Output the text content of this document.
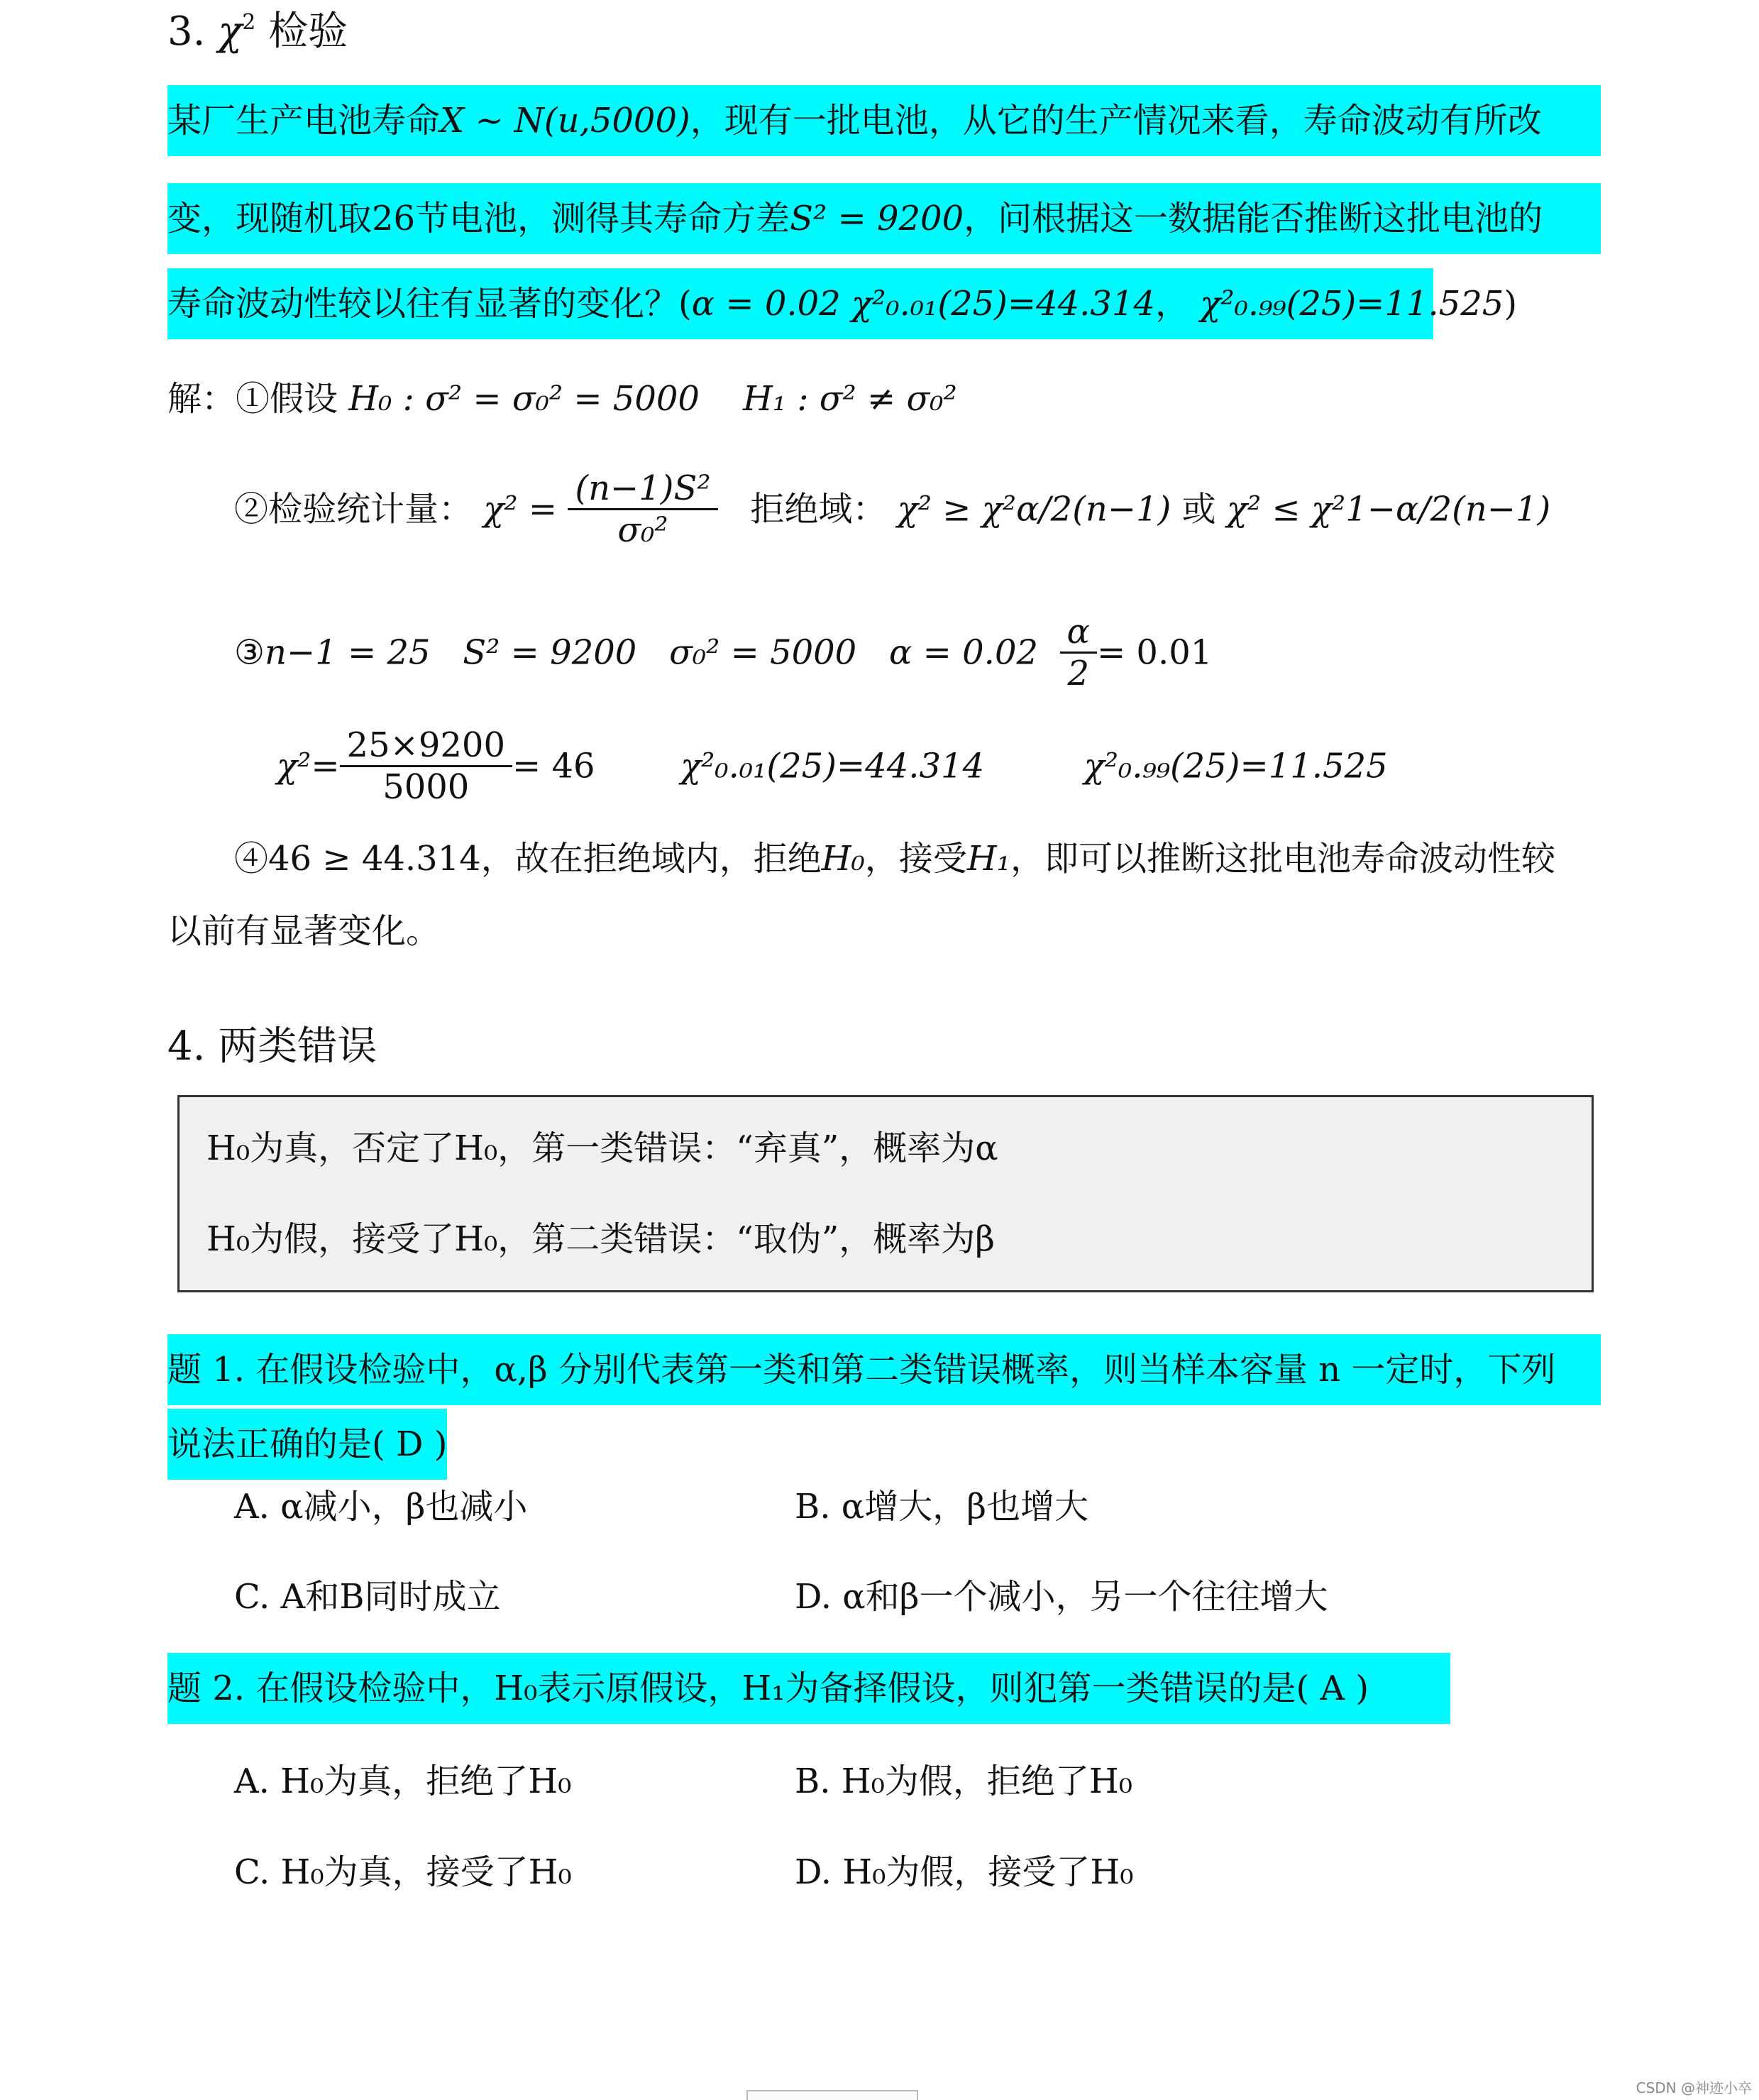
3. $\chi^2$ 检验
某厂生产电池寿命X ~ N(u,5000)，现有一批电池，从它的生产情况来看，寿命波动有所改
变，现随机取26节电池，测得其寿命方差S² = 9200，问根据这一数据能否推断这批电池的
寿命波动性较以往有显著的变化？(α = 0.02 χ²₀.₀₁(25)=44.314， χ²₀.₉₉(25)=11.525)
解：①假设 H₀ : σ² = σ₀² = 5000 H₁ : σ² ≠ σ₀²
②检验统计量： $\chi^2 = \frac{\text{(n−1)S²}}{\text{σ₀²}}$ 拒绝域： χ² ≥ χ²α/2(n−1) 或 χ² ≤ χ²1−α/2(n−1)
③n−1 = 25   S² = 9200   σ₀² = 5000   $\alpha = 0.02 \frac{\alpha}{2} = 0.01$
$\chi^2= \frac{25\times 9200}{5000} = 46$	χ²₀.₀₁(25)=44.314	χ²₀.₉₉(25)=11.525
④46 ≥ 44.314，故在拒绝域内，拒绝H₀，接受H₁，即可以推断这批电池寿命波动性较
以前有显著变化。
4. 两类错误
H₀为真，否定了H₀，第一类错误：“弃真”，概率为α
H₀为假，接受了H₀，第二类错误：“取伪”，概率为β
题 1. 在假设检验中，α,β 分别代表第一类和第二类错误概率，则当样本容量 n 一定时，下列
说法正确的是( D )
A. α减小，β也减小	B. α增大，β也增大
C. A和B同时成立	D. α和β一个减小，另一个往往增大
题 2. 在假设检验中，H₀表示原假设，H₁为备择假设，则犯第一类错误的是( A )
A. H₀为真，拒绝了H₀	B. H₀为假，拒绝了H₀
C. H₀为真，接受了H₀	D. H₀为假，接受了H₀
CSDN @神迹小卒
